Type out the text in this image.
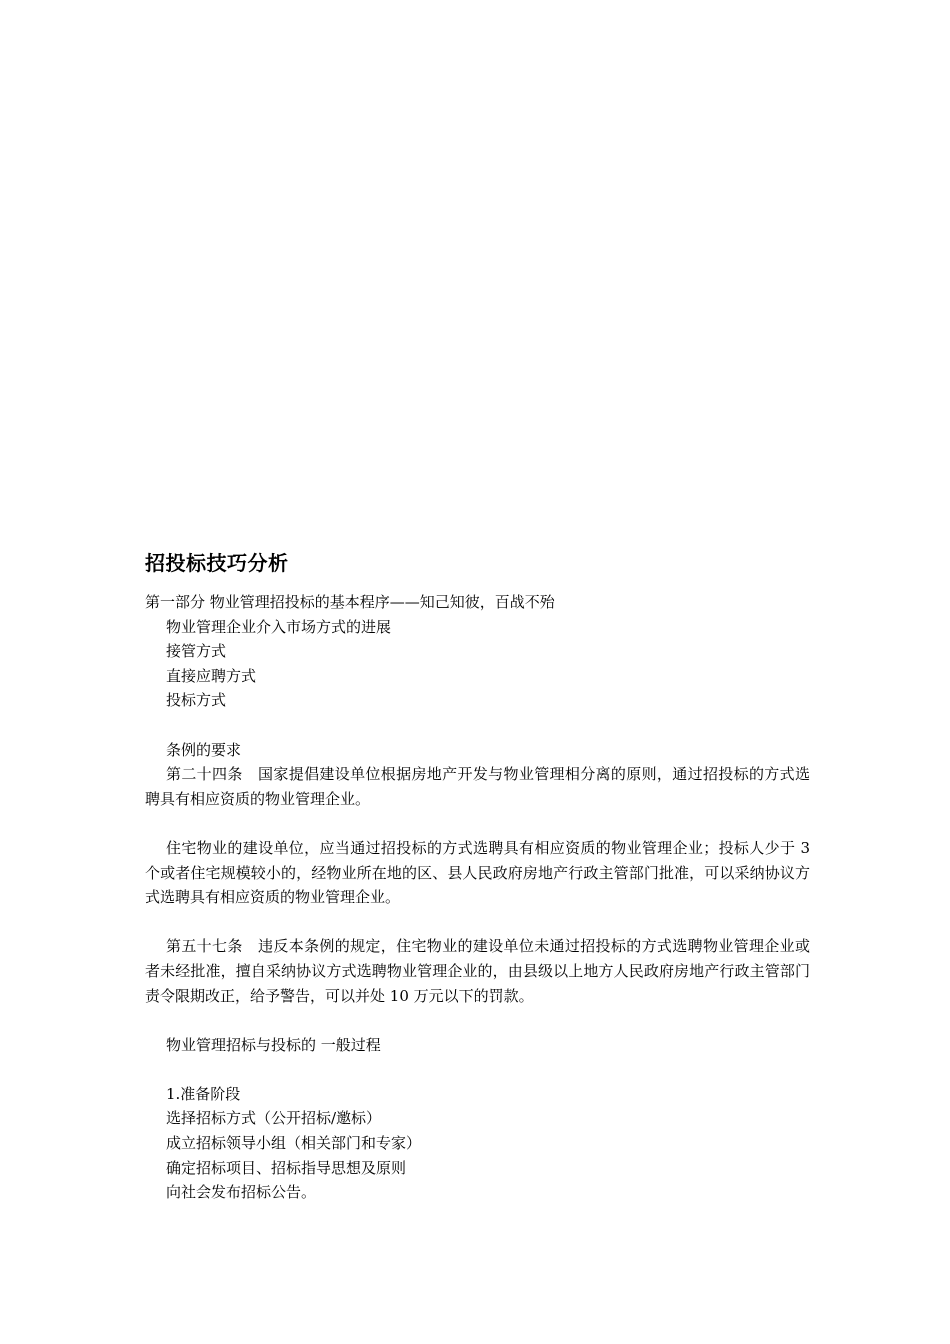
招投标技巧分析

第一部分 物业管理招投标的基本程序——知己知彼，百战不殆

物业管理企业介入市场方式的进展

接管方式

直接应聘方式

投标方式

条例的要求

第二十四条　国家提倡建设单位根据房地产开发与物业管理相分离的原则，通过招投标的方式选聘具有相应资质的物业管理企业。

住宅物业的建设单位，应当通过招投标的方式选聘具有相应资质的物业管理企业；投标人少于 3 个或者住宅规模较小的，经物业所在地的区、县人民政府房地产行政主管部门批准，可以采纳协议方式选聘具有相应资质的物业管理企业。

第五十七条　违反本条例的规定，住宅物业的建设单位未通过招投标的方式选聘物业管理企业或者未经批准，擅自采纳协议方式选聘物业管理企业的，由县级以上地方人民政府房地产行政主管部门责令限期改正，给予警告，可以并处 10 万元以下的罚款。

物业管理招标与投标的 一般过程

1.准备阶段

选择招标方式（公开招标/邀标）

成立招标领导小组（相关部门和专家）

确定招标项目、招标指导思想及原则

向社会发布招标公告。
